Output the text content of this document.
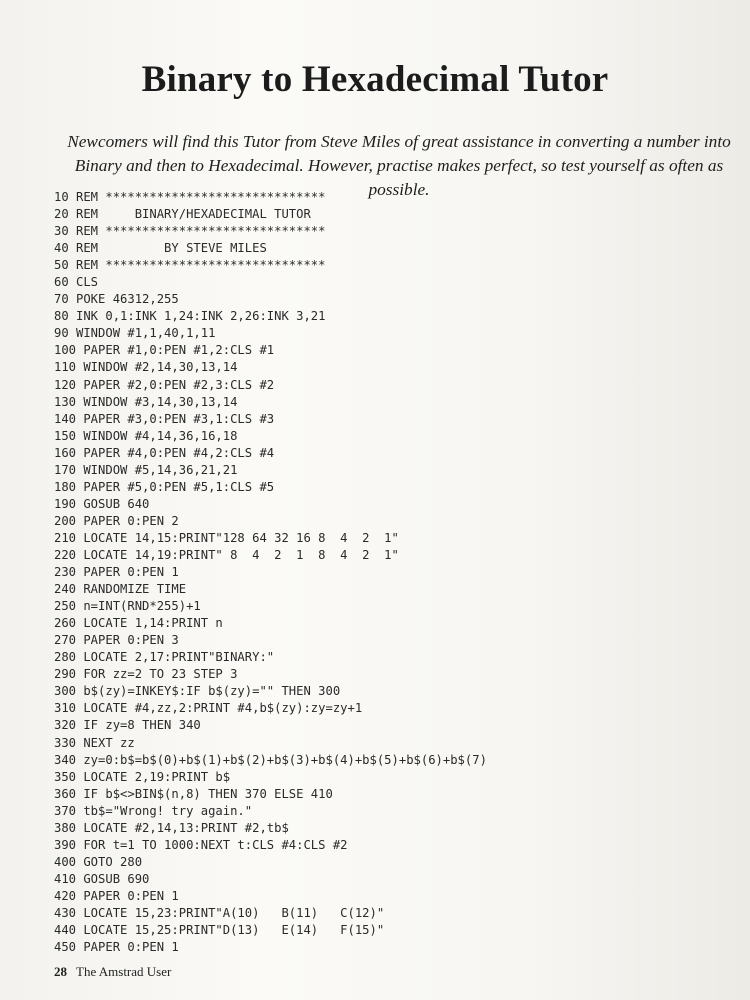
Binary to Hexadecimal Tutor
Newcomers will find this Tutor from Steve Miles of great assistance in converting a number into Binary and then to Hexadecimal. However, practise makes perfect, so test yourself as often as possible.
10 REM ******************************
20 REM     BINARY/HEXADECIMAL TUTOR
30 REM ******************************
40 REM         BY STEVE MILES
50 REM ******************************
60 CLS
70 POKE 46312,255
80 INK 0,1:INK 1,24:INK 2,26:INK 3,21
90 WINDOW #1,1,40,1,11
100 PAPER #1,0:PEN #1,2:CLS #1
110 WINDOW #2,14,30,13,14
120 PAPER #2,0:PEN #2,3:CLS #2
130 WINDOW #3,14,30,13,14
140 PAPER #3,0:PEN #3,1:CLS #3
150 WINDOW #4,14,36,16,18
160 PAPER #4,0:PEN #4,2:CLS #4
170 WINDOW #5,14,36,21,21
180 PAPER #5,0:PEN #5,1:CLS #5
190 GOSUB 640
200 PAPER 0:PEN 2
210 LOCATE 14,15:PRINT"128 64 32 16 8  4  2  1"
220 LOCATE 14,19:PRINT" 8  4  2  1  8  4  2  1"
230 PAPER 0:PEN 1
240 RANDOMIZE TIME
250 n=INT(RND*255)+1
260 LOCATE 1,14:PRINT n
270 PAPER 0:PEN 3
280 LOCATE 2,17:PRINT"BINARY:"
290 FOR zz=2 TO 23 STEP 3
300 b$(zy)=INKEY$:IF b$(zy)="" THEN 300
310 LOCATE #4,zz,2:PRINT #4,b$(zy):zy=zy+1
320 IF zy=8 THEN 340
330 NEXT zz
340 zy=0:b$=b$(0)+b$(1)+b$(2)+b$(3)+b$(4)+b$(5)+b$(6)+b$(7)
350 LOCATE 2,19:PRINT b$
360 IF b$<>BIN$(n,8) THEN 370 ELSE 410
370 tb$="Wrong! try again."
380 LOCATE #2,14,13:PRINT #2,tb$
390 FOR t=1 TO 1000:NEXT t:CLS #4:CLS #2
400 GOTO 280
410 GOSUB 690
420 PAPER 0:PEN 1
430 LOCATE 15,23:PRINT"A(10)   B(11)   C(12)"
440 LOCATE 15,25:PRINT"D(13)   E(14)   F(15)"
450 PAPER 0:PEN 1
28 The Amstrad User
